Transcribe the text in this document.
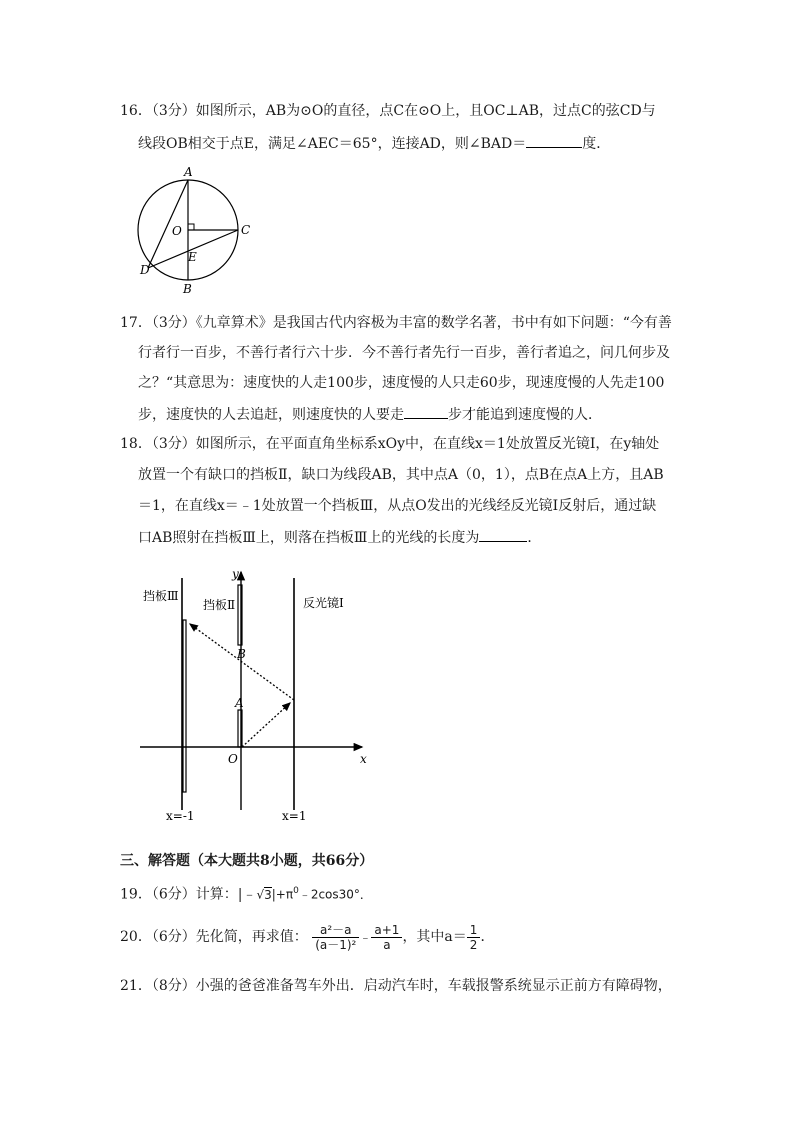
16．（3分）如图所示，AB为⊙O的直径，点C在⊙O上，且OC⊥AB，过点C的弦CD与
线段OB相交于点E，满足∠AEC＝65°，连接AD，则∠BAD＝	度．
A
O	C
D
E
B
17．（3分）《九章算术》是我国古代内容极为丰富的数学名著，书中有如下问题：“今有善
行者行一百步，不善行者行六十步．今不善行者先行一百步，善行者追之，问几何步及
之？“其意思为：速度快的人走100步，速度慢的人只走60步，现速度慢的人先走100
步，速度快的人去追赶，则速度快的人要走	步才能追到速度慢的人．
18．（3分）如图所示，在平面直角坐标系xOy中，在直线x＝1处放置反光镜Ⅰ，在y轴处
放置一个有缺口的挡板Ⅱ，缺口为线段AB，其中点A（0，1），点B在点A上方，且AB
＝1，在直线x＝﹣1处放置一个挡板Ⅲ，从点O发出的光线经反光镜Ⅰ反射后，通过缺
口AB照射在挡板Ⅲ上，则落在挡板Ⅲ上的光线的长度为	．
挡板Ⅲ
挡板Ⅱ	反光镜Ⅰ
y
x
B
A
O
x=-1	x=1
三、解答题（本大题共8小题，共66分）
19．（6分）计算：$|﹣√3|+\pi^0﹣2\cos 30^\circ$．
20．（6分）先化简，再求值： $\frac{\text{a²－a}}{\text{(a－1)²}}$ ﹣ $\frac{a+1}{a}$ ，其中$a= \frac{1}{2}$ ．
21．（8分）小强的爸爸准备驾车外出．启动汽车时，车载报警系统显示正前方有障碍物，
